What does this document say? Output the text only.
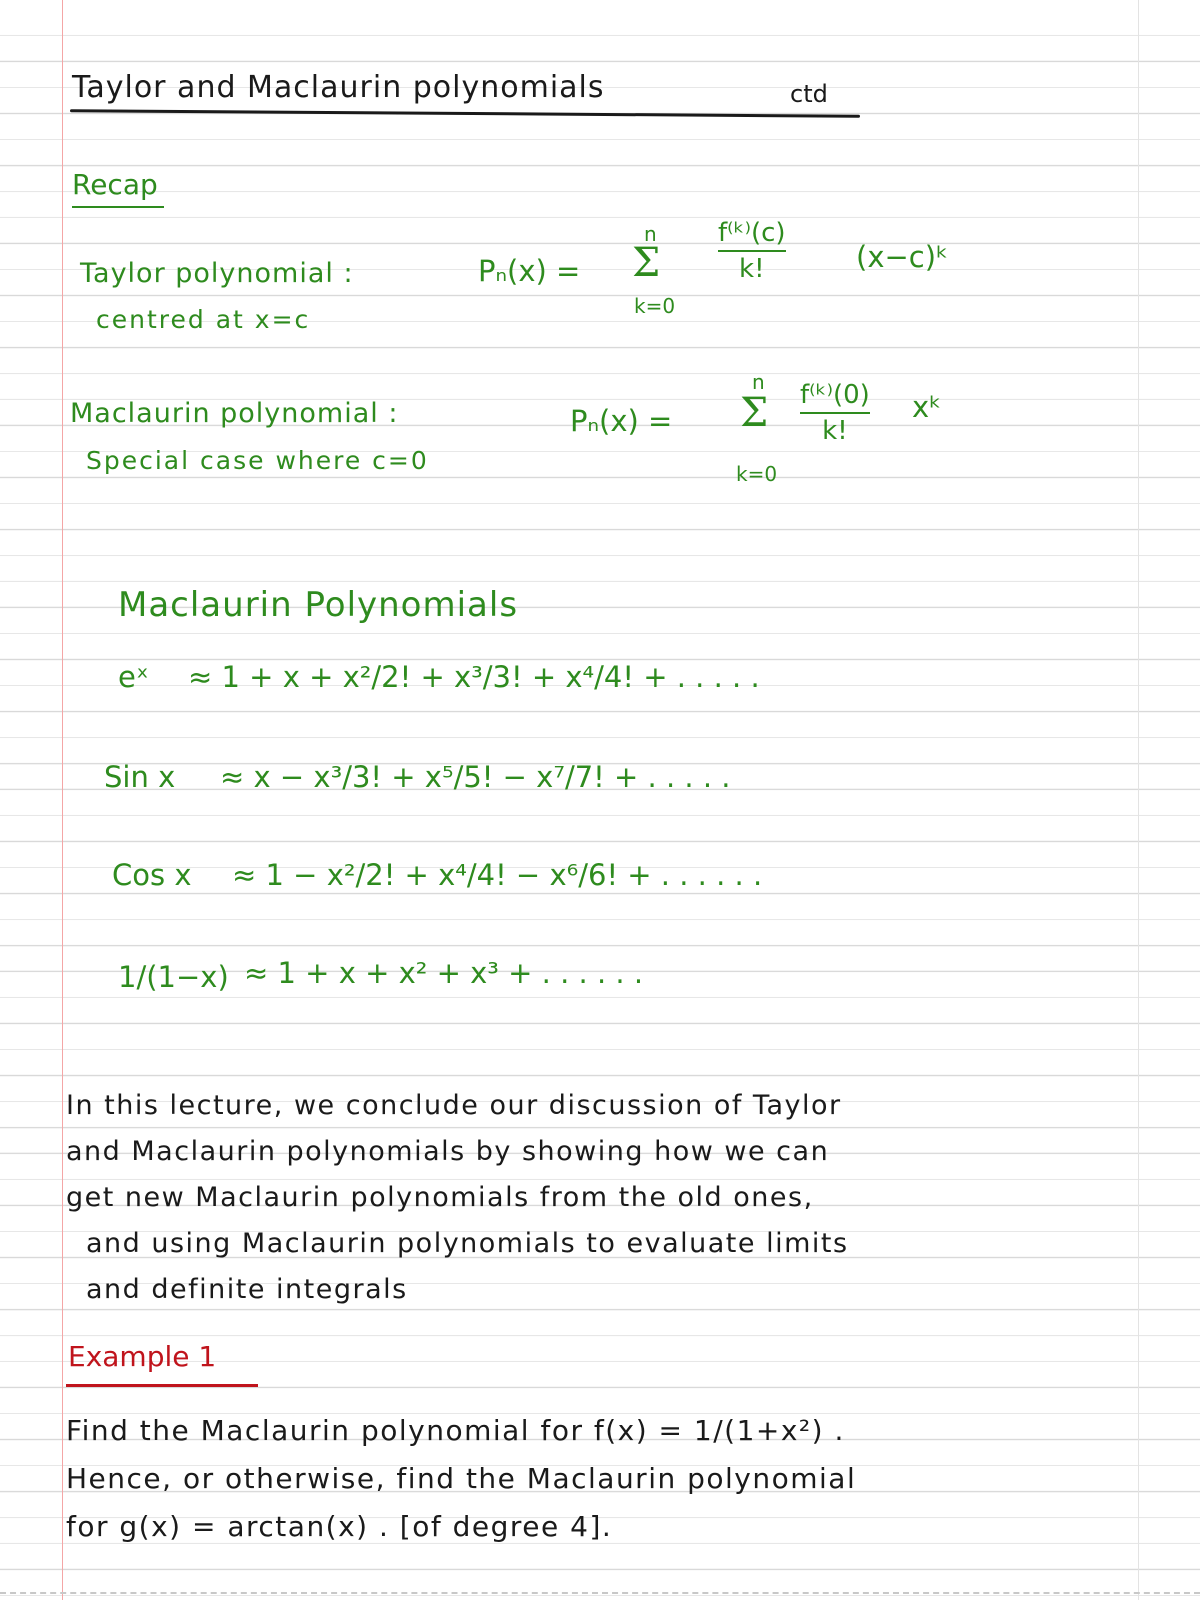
Taylor and Maclaurin polynomials	ctd
Recap
Taylor polynomial :
centred at x=c
Pₙ(x) =
n
Σ
k=0
f⁽ᵏ⁾(c)
k!	(x−c)ᵏ
Maclaurin polynomial :
Special case where c=0
Pₙ(x) =
n
Σ
k=0
f⁽ᵏ⁾(0)
k!
xᵏ
Maclaurin Polynomials
eˣ ≈ 1 + x + x²/2! + x³/3! + x⁴/4! + . . . . .
Sin x ≈ x − x³/3! + x⁵/5! − x⁷/7! + . . . . .
Cos x ≈ 1 − x²/2! + x⁴/4! − x⁶/6! + . . . . . .
1/(1−x) ≈ 1 + x + x² + x³ + . . . . . .
In this lecture, we conclude our discussion of Taylor
and Maclaurin polynomials by showing how we can
get new Maclaurin polynomials from the old ones,
and using Maclaurin polynomials to evaluate limits
and definite integrals
Example 1
Find the Maclaurin polynomial for f(x) = 1/(1+x²) .
Hence, or otherwise, find the Maclaurin polynomial
for g(x) = arctan(x) . [of degree 4].
